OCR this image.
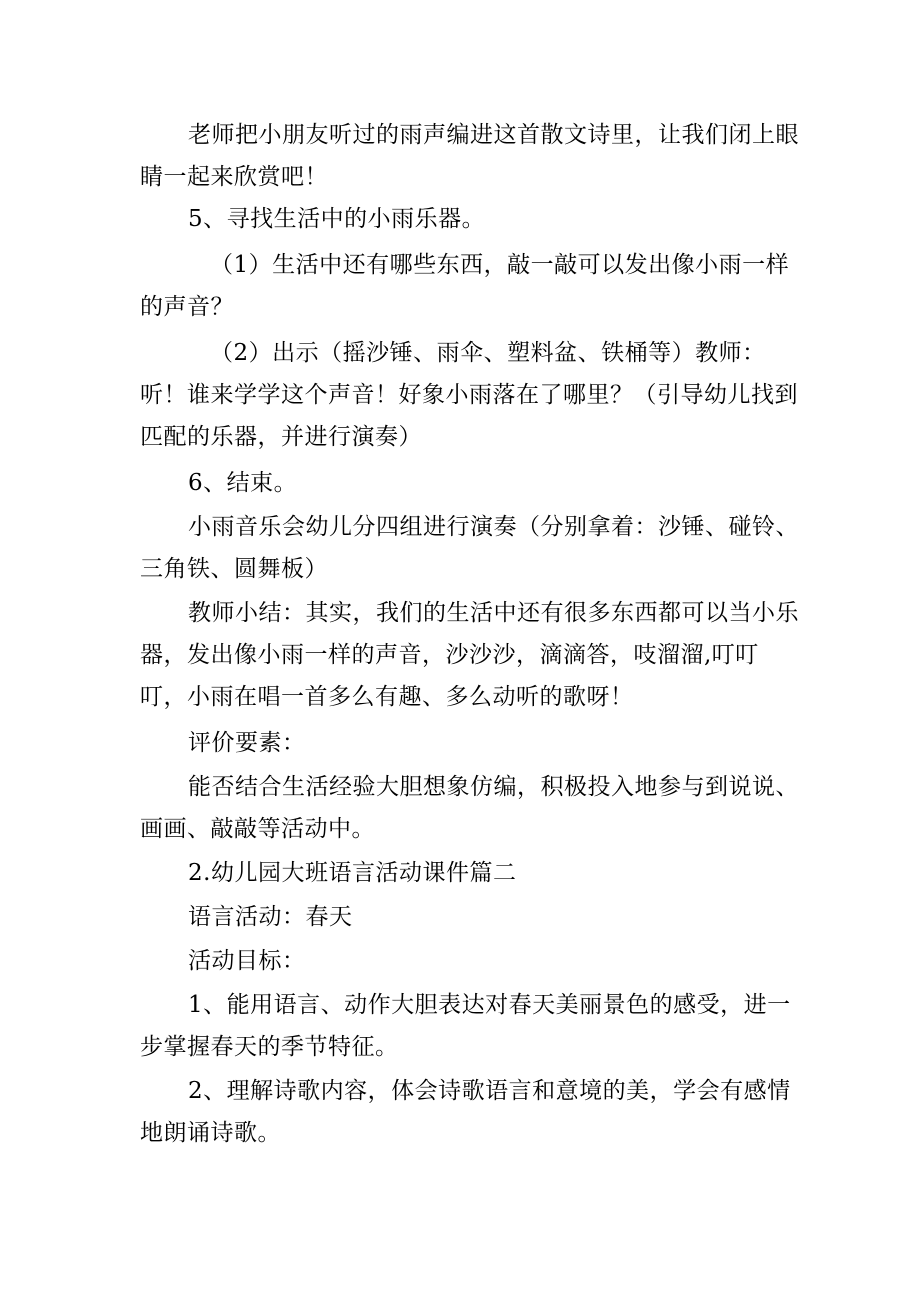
老师把小朋友听过的雨声编进这首散文诗里，让我们闭上眼睛一起来欣赏吧！

5、寻找生活中的小雨乐器。

（1）生活中还有哪些东西，敲一敲可以发出像小雨一样的声音？

（2）出示（摇沙锤、雨伞、塑料盆、铁桶等）教师：听！谁来学学这个声音！好象小雨落在了哪里？（引导幼儿找到匹配的乐器，并进行演奏）

6、结束。

小雨音乐会幼儿分四组进行演奏（分别拿着：沙锤、碰铃、三角铁、圆舞板）

教师小结：其实，我们的生活中还有很多东西都可以当小乐器，发出像小雨一样的声音，沙沙沙，滴滴答，吱溜溜,叮叮叮，小雨在唱一首多么有趣、多么动听的歌呀！

评价要素：

能否结合生活经验大胆想象仿编，积极投入地参与到说说、画画、敲敲等活动中。

2.幼儿园大班语言活动课件篇二

语言活动：春天

活动目标：

1、能用语言、动作大胆表达对春天美丽景色的感受，进一步掌握春天的季节特征。

2、理解诗歌内容，体会诗歌语言和意境的美，学会有感情地朗诵诗歌。
